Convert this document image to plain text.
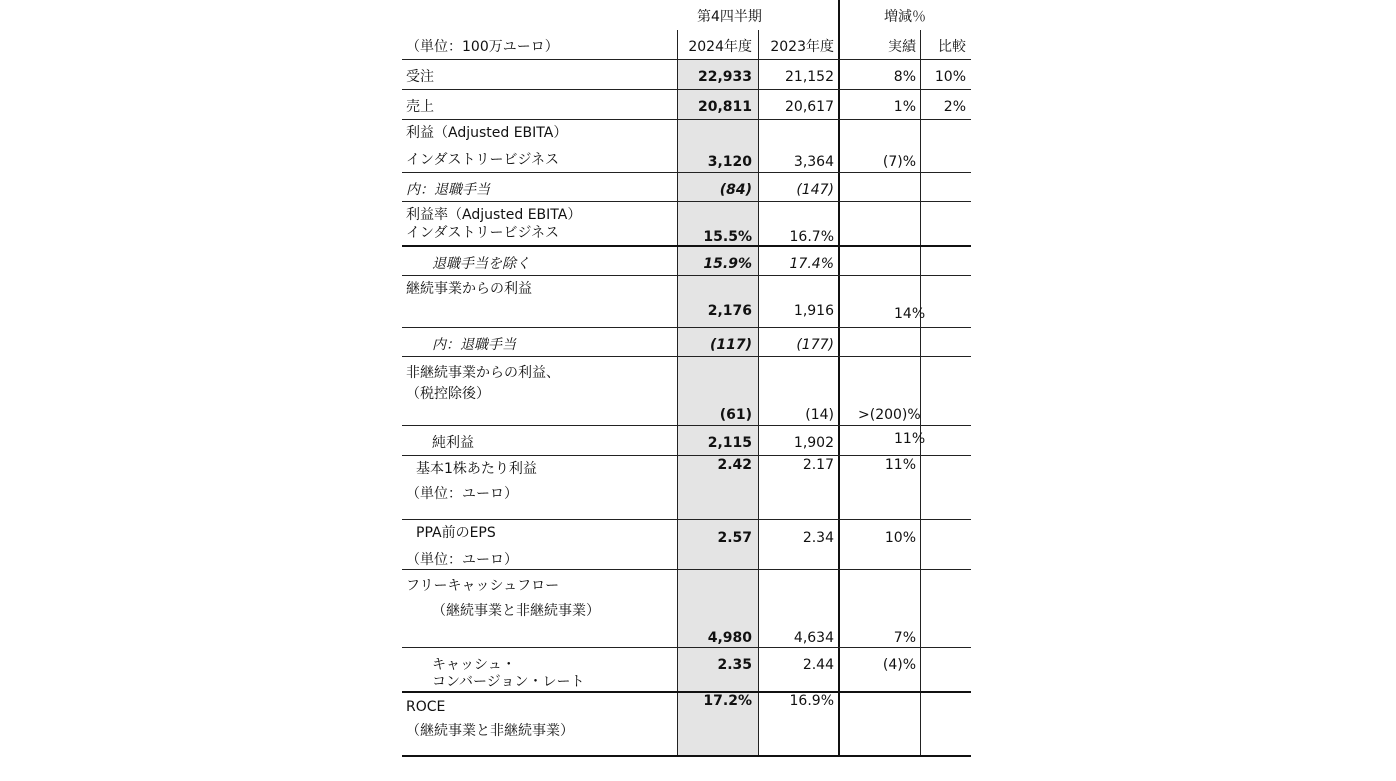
第4四半期	増減％
（単位：100万ユーロ）	2024年度 2023年度	実績 比較
受注	22,933 21,152	8% 10%
売上	20,811 20,617	1% 2%
利益（Adjusted EBITA）
インダストリービジネス	3,120	3,364	(7)%
内：退職手当	(84)	(147)
利益率（Adjusted EBITA）
インダストリービジネス	15.5%	16.7%
退職手当を除く	15.9%	17.4%
継続事業からの利益
2,176	1,916	14%
内：退職手当	(117)	(177)
非継続事業からの利益、
（税控除後）
(61)	(14) >(200)%
純利益	2,115	1,902	11%
基本1株あたり利益
（単位：ユーロ）
2.42	2.17	11%
PPA前のEPS
（単位：ユーロ）
2.57	2.34	10%
フリーキャッシュフロー
（継続事業と非継続事業）
4,980	4,634	7%
キャッシュ・
コンバージョン・レート
2.35	2.44	(4)%
ROCE
（継続事業と非継続事業）
17.2%	16.9%
